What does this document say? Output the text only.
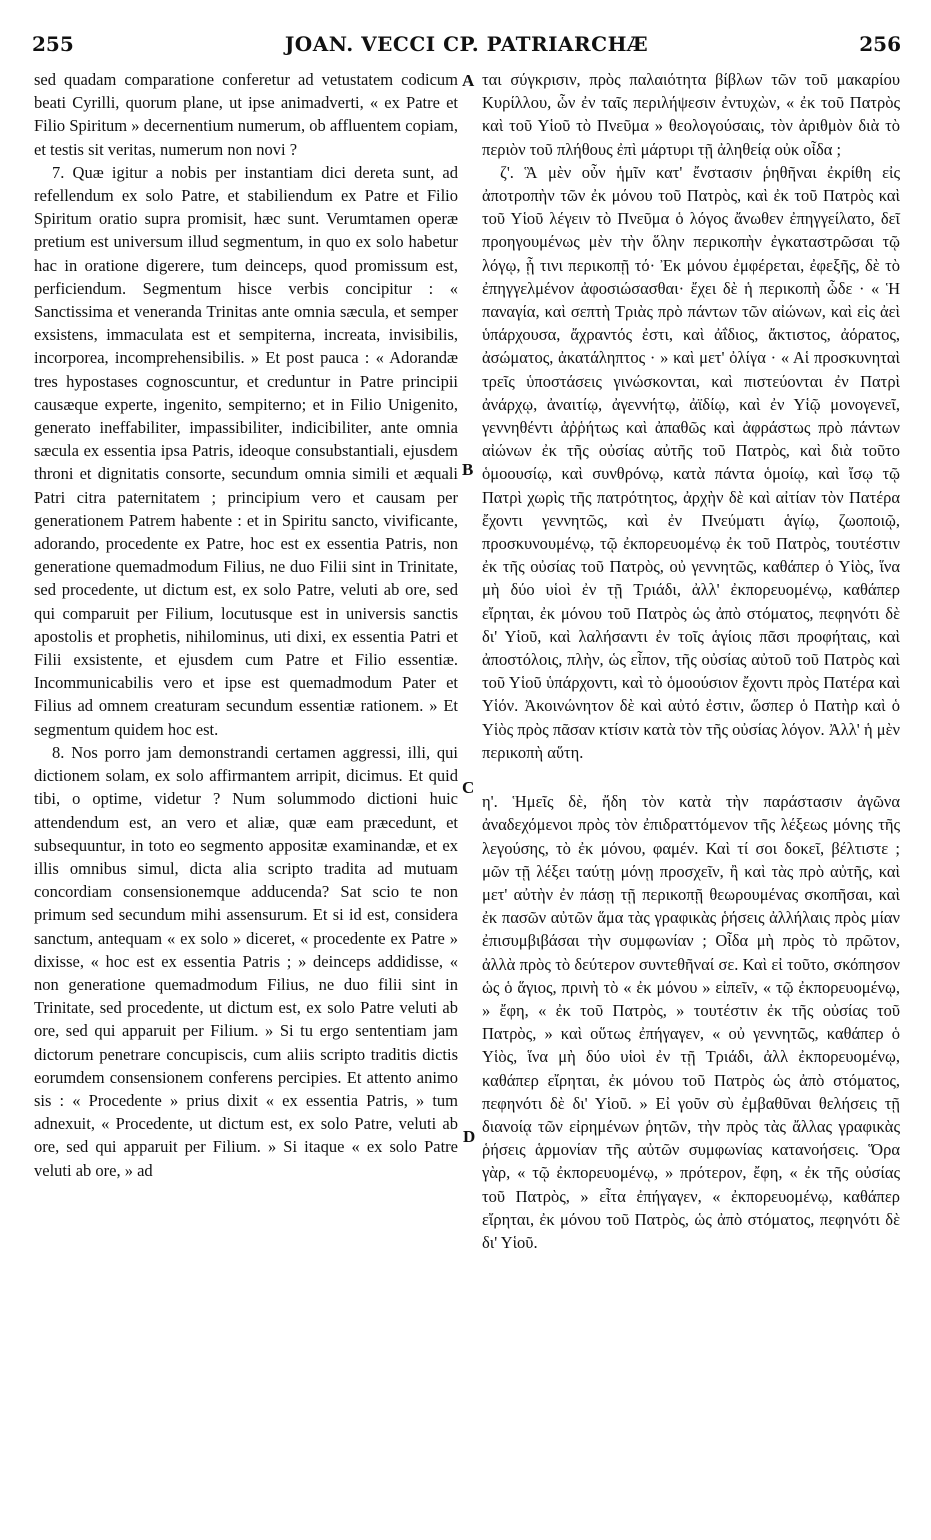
255	JOAN. VECCI CP. PATRIARCHÆ	256

sed quadam comparatione conferetur ad vetustatem codicum beati Cyrilli, quorum plane, ut ipse animadverti, « ex Patre et Filio Spiritum » decernentium numerum, ob affluentem copiam, et testis sit veritas, numerum non novi ?

7. Quæ igitur a nobis per instantiam dici dereta sunt, ad refellendum ex solo Patre, et stabiliendum ex Patre et Filio Spiritum oratio supra promisit, hæc sunt. Verumtamen operæ pretium est universum illud segmentum, in quo ex solo habetur hac in oratione digerere, tum deinceps, quod promissum est, perficiendum. Segmentum hisce verbis concipitur : « Sanctissima et veneranda Trinitas ante omnia sæcula, et semper exsistens, immaculata est et sempiterna, increata, invisibilis, incorporea, incomprehensibilis. » Et post pauca : « Adorandæ tres hypostases cognoscuntur, et creduntur in Patre principii causæque experte, ingenito, sempiterno; et in Filio Unigenito, generato ineffabiliter, impassibiliter, indicibiliter, ante omnia sæcula ex essentia ipsa Patris, ideoque consubstantiali, ejusdem throni et dignitatis consorte, secundum omnia simili et æquali Patri citra paternitatem ; principium vero et causam per generationem Patrem habente : et in Spiritu sancto, vivificante, adorando, procedente ex Patre, hoc est ex essentia Patris, non generatione quemadmodum Filius, ne duo Filii sint in Trinitate, sed procedente, ut dictum est, ex solo Patre, veluti ab ore, sed qui comparuit per Filium, locutusque est in universis sanctis apostolis et prophetis, nihilominus, uti dixi, ex essentia Patri et Filii exsistente, et ejusdem cum Patre et Filio essentiæ. Incommunicabilis vero et ipse est quemadmodum Pater et Filius ad omnem creaturam secundum essentiæ rationem. » Et segmentum quidem hoc est.

8. Nos porro jam demonstrandi certamen aggressi, illi, qui dictionem solam, ex solo affirmantem arripit, dicimus. Et quid tibi, o optime, videtur ? Num solummodo dictioni huic attendendum est, an vero et aliæ, quæ eam præcedunt, et subsequuntur, in toto eo segmento appositæ examinandæ, et ex illis omnibus simul, dicta alia scripto tradita ad mutuam concordiam consensionemque adducenda? Sat scio te non primum sed secundum mihi assensurum. Et si id est, considera sanctum, antequam « ex solo » diceret, « procedente ex Patre » dixisse, « hoc est ex essentia Patris ; » deinceps addidisse, « non generatione quemadmodum Filius, ne duo filii sint in Trinitate, sed procedente, ut dictum est, ex solo Patre veluti ab ore, sed qui apparuit per Filium. » Si tu ergo sententiam jam dictorum penetrare concupiscis, cum aliis scripto traditis dictis eorumdem consensionem conferens percipies. Et attento animo sis : « Procedente » prius dixit « ex essentia Patris, » tum adnexuit, « Procedente, ut dictum est, ex solo Patre, veluti ab ore, sed qui apparuit per Filium. » Si itaque « ex solo Patre veluti ab ore, » ad

A
B
C
D

ται σύγκρισιν, πρὸς παλαιότητα βίβλων τῶν τοῦ μακαρίου Κυρίλλου, ὧν ἐν ταῖς περιλήψεσιν ἐντυχὼν, « ἐκ τοῦ Πατρὸς καὶ τοῦ Υἱοῦ τὸ Πνεῦμα » θεολογούσαις, τὸν ἀριθμὸν διὰ τὸ περιὸν τοῦ πλήθους ἐπὶ μάρτυρι τῇ ἀληθείᾳ οὐκ οἶδα ;

ζ'. Ἃ μὲν οὖν ἡμῖν κατ' ἔνστασιν ῥηθῆναι ἐκρίθη εἰς ἀποτροπὴν τῶν ἐκ μόνου τοῦ Πατρὸς, καὶ ἐκ τοῦ Πατρὸς καὶ τοῦ Υἱοῦ λέγειν τὸ Πνεῦμα ὁ λόγος ἄνωθεν ἐπηγγείλατο, δεῖ προηγουμένως μὲν τὴν ὅλην περικοπὴν ἐγκαταστρῶσαι τῷ λόγῳ, ᾗ τινι περικοπῇ τό· Ἐκ μόνου ἐμφέρεται, ἐφεξῆς, δὲ τὸ ἐπηγγελμένον ἀφοσιώσασθαι· ἔχει δὲ ἡ περικοπὴ ὧδε · « Ἡ παναγία, καὶ σεπτὴ Τριὰς πρὸ πάντων τῶν αἰώνων, καὶ εἰς ἀεὶ ὑπάρχουσα, ἄχραντός ἐστι, καὶ ἀΐδιος, ἄκτιστος, ἀόρατος, ἀσώματος, ἀκατάληπτος · » καὶ μετ' ὀλίγα · « Αἱ προσκυνηταὶ τρεῖς ὑποστάσεις γινώσκονται, καὶ πιστεύονται ἐν Πατρὶ ἀνάρχῳ, ἀναιτίῳ, ἀγεννήτῳ, ἀϊδίῳ, καὶ ἐν Υἱῷ μονογενεῖ, γεννηθέντι ἀῤῥήτως καὶ ἀπαθῶς καὶ ἀφράστως πρὸ πάντων αἰώνων ἐκ τῆς οὐσίας αὐτῆς τοῦ Πατρὸς, καὶ διὰ τοῦτο ὁμοουσίῳ, καὶ συνθρόνῳ, κατὰ πάντα ὁμοίῳ, καὶ ἴσῳ τῷ Πατρὶ χωρὶς τῆς πατρότητος, ἀρχὴν δὲ καὶ αἰτίαν τὸν Πατέρα ἔχοντι γεννητῶς, καὶ ἐν Πνεύματι ἁγίῳ, ζωοποιῷ, προσκυνουμένῳ, τῷ ἐκπορευομένῳ ἐκ τοῦ Πατρὸς, τουτέστιν ἐκ τῆς οὐσίας τοῦ Πατρὸς, οὐ γεννητῶς, καθάπερ ὁ Υἱὸς, ἵνα μὴ δύο υἱοὶ ἐν τῇ Τριάδι, ἀλλ' ἐκπορευομένῳ, καθάπερ εἴρηται, ἐκ μόνου τοῦ Πατρὸς ὡς ἀπὸ στόματος, πεφηνότι δὲ δι' Υἱοῦ, καὶ λαλήσαντι ἐν τοῖς ἁγίοις πᾶσι προφήταις, καὶ ἀποστόλοις, πλὴν, ὡς εἶπον, τῆς οὐσίας αὐτοῦ τοῦ Πατρὸς καὶ τοῦ Υἱοῦ ὑπάρχοντι, καὶ τὸ ὁμοούσιον ἔχοντι πρὸς Πατέρα καὶ Υἱόν. Ἀκοινώνητον δὲ καὶ αὐτό ἐστιν, ὥσπερ ὁ Πατὴρ καὶ ὁ Υἱὸς πρὸς πᾶσαν κτίσιν κατὰ τὸν τῆς οὐσίας λόγον. Ἀλλ' ἡ μὲν περικοπὴ αὕτη.

η'. Ἡμεῖς δὲ, ἤδη τὸν κατὰ τὴν παράστασιν ἀγῶνα ἀναδεχόμενοι πρὸς τὸν ἐπιδραττόμενον τῆς λέξεως μόνης τῆς λεγούσης, τὸ ἐκ μόνου, φαμέν. Καὶ τί σοι δοκεῖ, βέλτιστε ; μῶν τῇ λέξει ταύτῃ μόνῃ προσχεῖν, ἢ καὶ τὰς πρὸ αὐτῆς, καὶ μετ' αὐτὴν ἐν πάσῃ τῇ περικοπῇ θεωρουμένας σκοπῆσαι, καὶ ἐκ πασῶν αὐτῶν ἅμα τὰς γραφικὰς ῥήσεις ἀλλήλαις πρὸς μίαν ἐπισυμβιβάσαι τὴν συμφωνίαν ; Οἶδα μὴ πρὸς τὸ πρῶτον, ἀλλὰ πρὸς τὸ δεύτερον συντεθῆναί σε. Καὶ εἰ τοῦτο, σκόπησον ὡς ὁ ἅγιος, πρινὴ τὸ « ἐκ μόνου » εἰπεῖν, « τῷ ἐκπορευομένῳ, » ἔφη, « ἐκ τοῦ Πατρὸς, » τουτέστιν ἐκ τῆς οὐσίας τοῦ Πατρὸς, » καὶ οὕτως ἐπήγαγεν, « οὐ γεννητῶς, καθάπερ ὁ Υἱὸς, ἵνα μὴ δύο υἱοὶ ἐν τῇ Τριάδι, ἀλλ ἐκπορευομένῳ, καθάπερ εἴρηται, ἐκ μόνου τοῦ Πατρὸς ὡς ἀπὸ στόματος, πεφηνότι δὲ δι' Υἱοῦ. » Εἰ γοῦν σὺ ἐμβαθῦναι θελήσεις τῇ διανοίᾳ τῶν εἰρημένων ῥητῶν, τὴν πρὸς τὰς ἄλλας γραφικὰς ῥήσεις ἁρμονίαν τῆς αὐτῶν συμφωνίας κατανοήσεις. Ὅρα γὰρ, « τῷ ἐκπορευομένῳ, » πρότερον, ἔφη, « ἐκ τῆς οὐσίας τοῦ Πατρὸς, » εἶτα ἐπήγαγεν, « ἐκπορευομένῳ, καθάπερ εἴρηται, ἐκ μόνου τοῦ Πατρὸς, ὡς ἀπὸ στόματος, πεφηνότι δὲ δι' Υἱοῦ.
